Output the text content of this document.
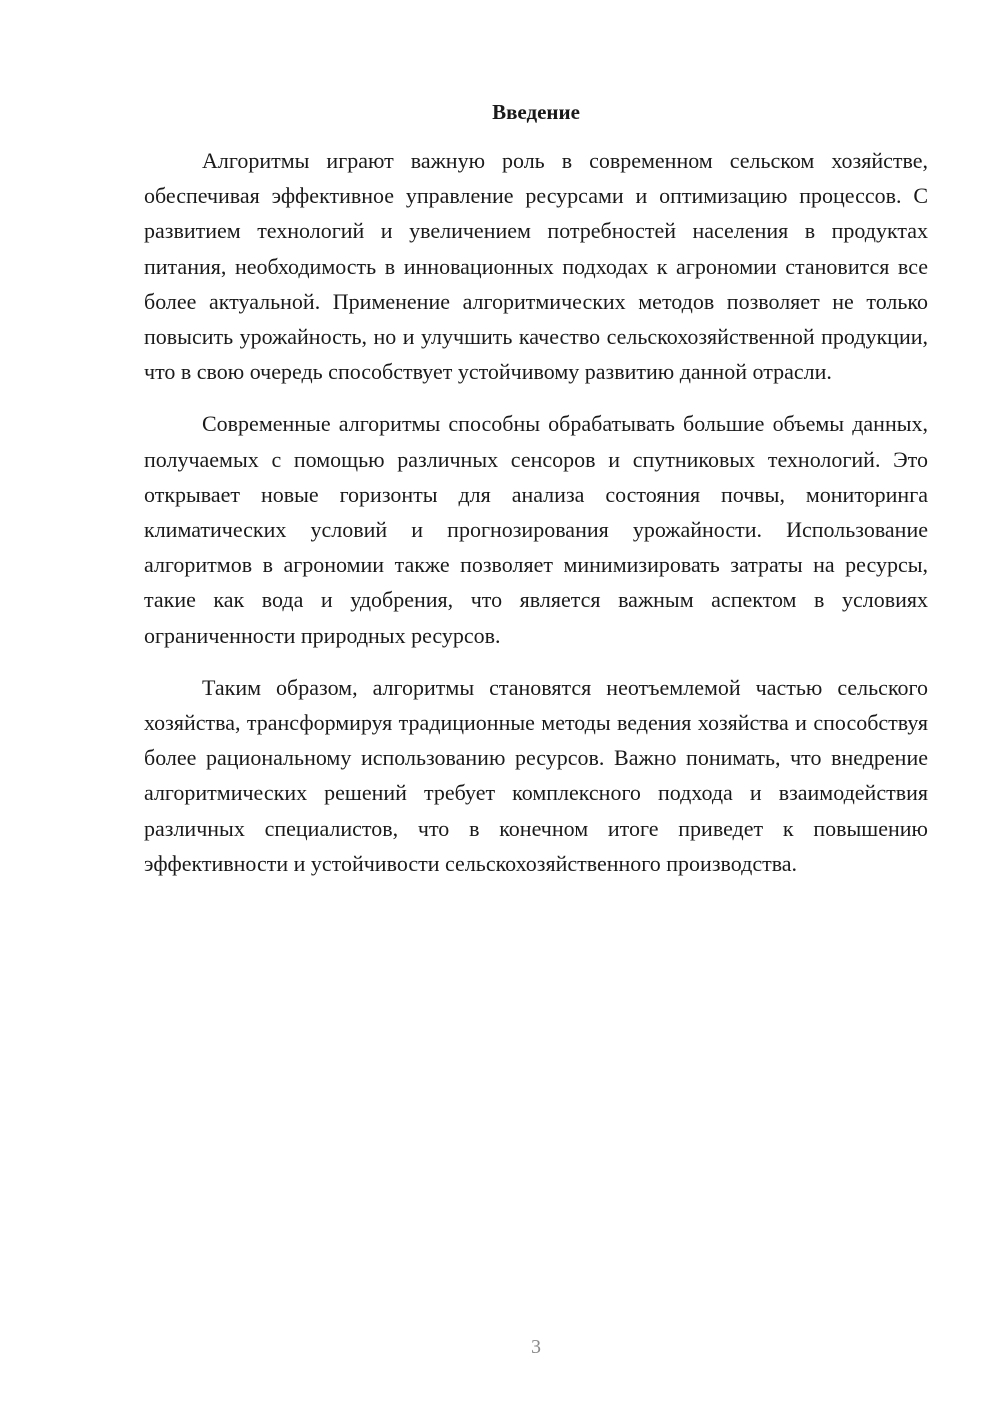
Введение

Алгоритмы играют важную роль в современном сельском хозяйстве, обеспечивая эффективное управление ресурсами и оптимизацию процессов. С развитием технологий и увеличением потребностей населения в продуктах питания, необходимость в инновационных подходах к агрономии становится все более актуальной. Применение алгоритмических методов позволяет не только повысить урожайность, но и улучшить качество сельскохозяйственной продукции, что в свою очередь способствует устойчивому развитию данной отрасли.

Современные алгоритмы способны обрабатывать большие объемы данных, получаемых с помощью различных сенсоров и спутниковых технологий. Это открывает новые горизонты для анализа состояния почвы, мониторинга климатических условий и прогнозирования урожайности. Использование алгоритмов в агрономии также позволяет минимизировать затраты на ресурсы, такие как вода и удобрения, что является важным аспектом в условиях ограниченности природных ресурсов.

Таким образом, алгоритмы становятся неотъемлемой частью сельского хозяйства, трансформируя традиционные методы ведения хозяйства и способствуя более рациональному использованию ресурсов. Важно понимать, что внедрение алгоритмических решений требует комплексного подхода и взаимодействия различных специалистов, что в конечном итоге приведет к повышению эффективности и устойчивости сельскохозяйственного производства.

3
